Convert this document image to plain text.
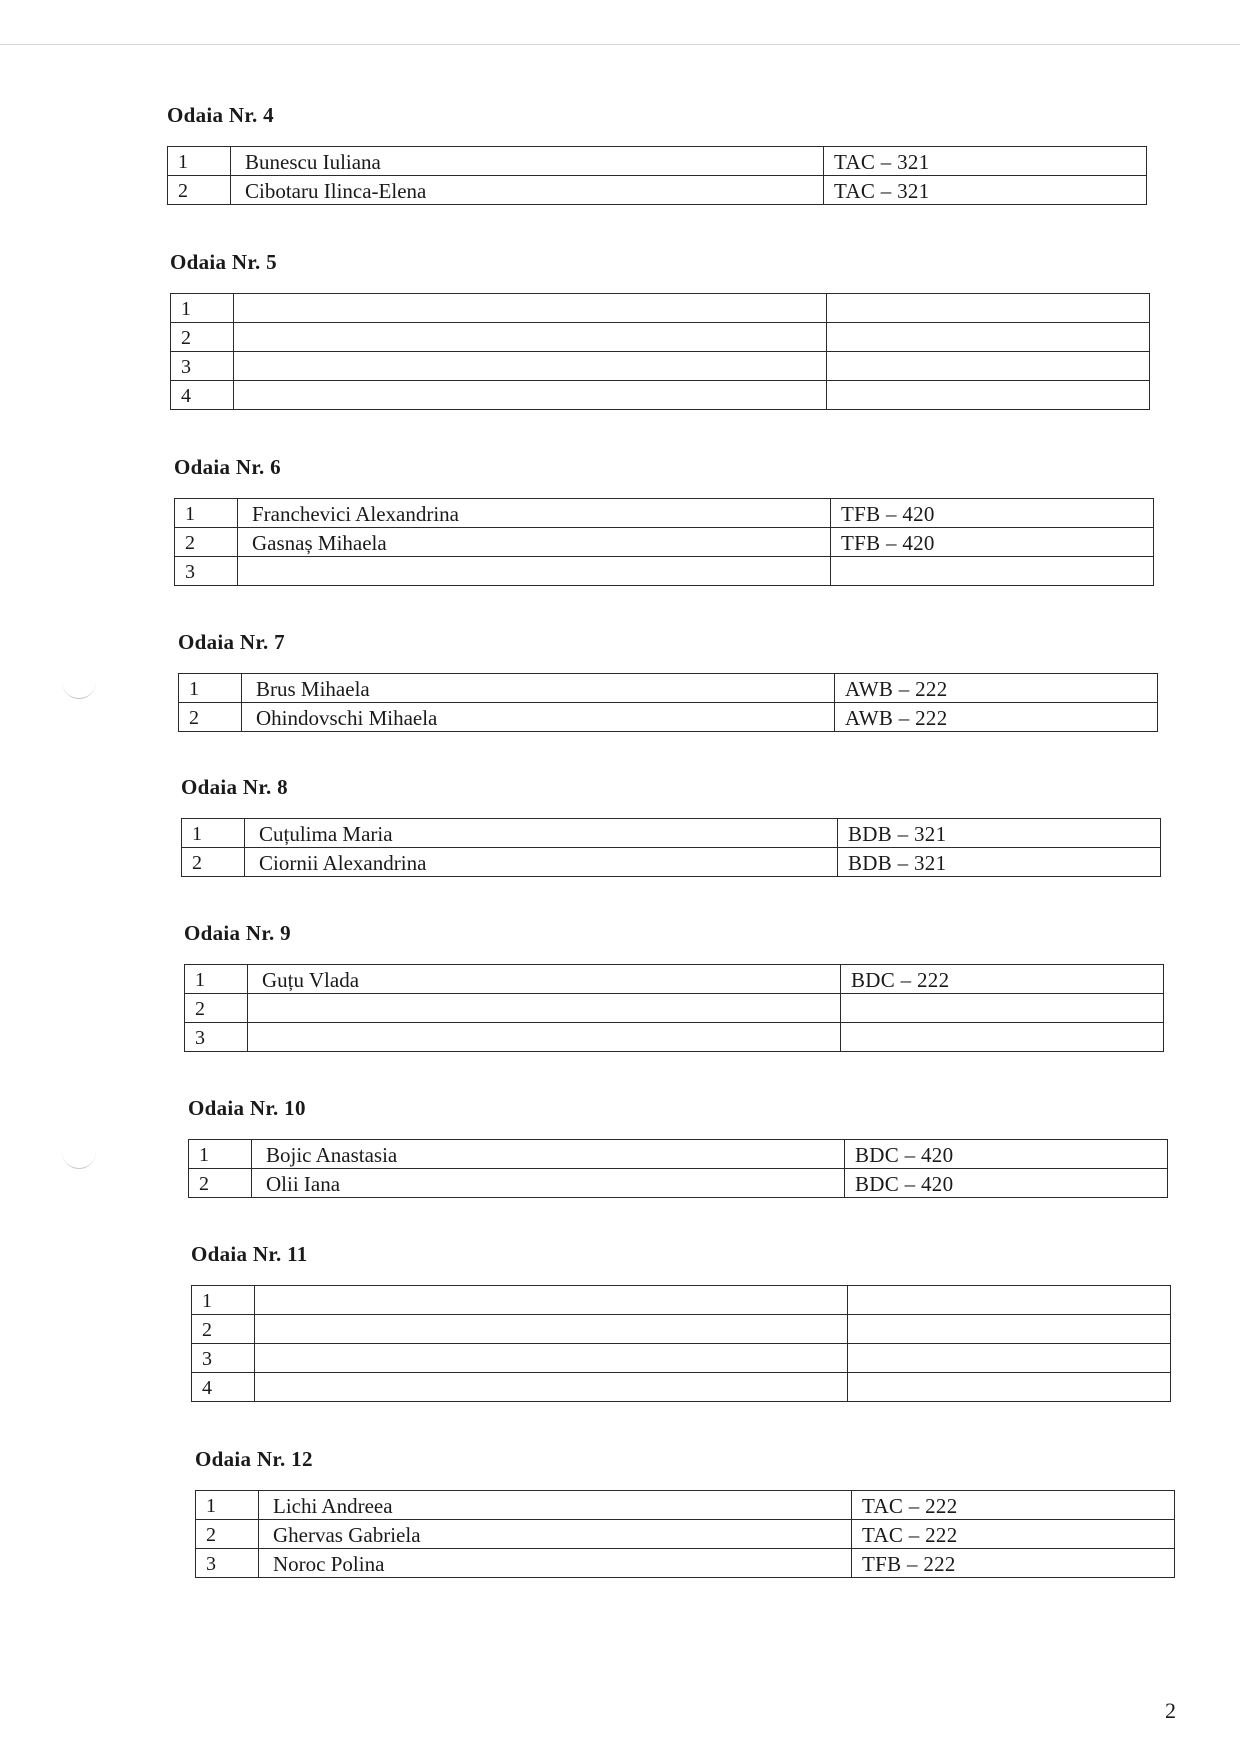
Odaia Nr. 4
1	Bunescu Iuliana	TAC – 321
2	Cibotaru Ilinca-Elena	TAC – 321
Odaia Nr. 5
1		
2		
3		
4		
Odaia Nr. 6
1	Franchevici Alexandrina	TFB – 420
2	Gasnaș Mihaela	TFB – 420
3		
Odaia Nr. 7
1	Brus Mihaela	AWB – 222
2	Ohindovschi Mihaela	AWB – 222
Odaia Nr. 8
1	Cuțulima Maria	BDB – 321
2	Ciornii Alexandrina	BDB – 321
Odaia Nr. 9
1	Guțu Vlada	BDC – 222
2		
3		
Odaia Nr. 10
1	Bojic Anastasia	BDC – 420
2	Olii Iana	BDC – 420
Odaia Nr. 11
1		
2		
3		
4		
Odaia Nr. 12
1	Lichi Andreea	TAC – 222
2	Ghervas Gabriela	TAC – 222
3	Noroc Polina	TFB – 222
2
